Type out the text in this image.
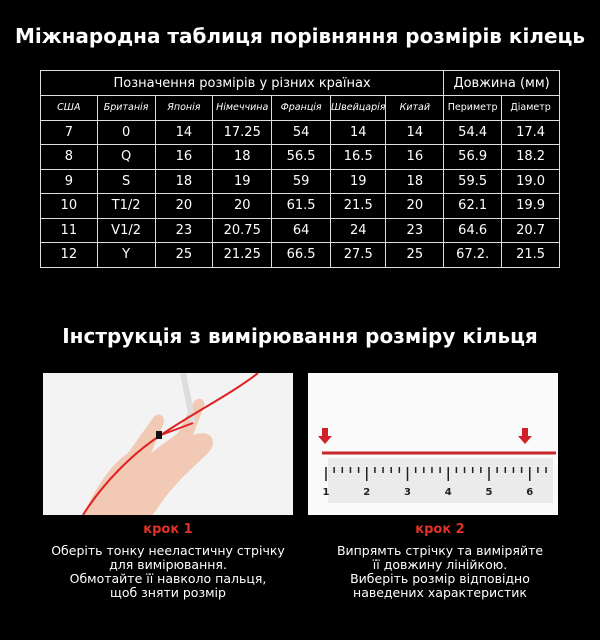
Міжнародна таблиця порівняння розмірів кілець
Позначення розмірів у різних країнах							Довжина (мм)	
США	Британія	Японія	Німеччина	Франція	Швейцарія	Китай	Периметр	Діаметр
7	0	14	17.25	54	14	14	54.4	17.4
8	Q	16	18	56.5	16.5	16	56.9	18.2
9	S	18	19	59	19	18	59.5	19.0
10	T1/2	20	20	61.5	21.5	20	62.1	19.9
11	V1/2	23	20.75	64	24	23	64.6	20.7
12	Y	25	21.25	66.5	27.5	25	67.2.	21.5
Інструкція з вимірювання розміру кільця
1	2	3	4	5	6
крок 1
Оберіть тонку нееластичну стрічку
для вимірювання.
Обмотайте її навколо пальця,
щоб зняти розмір
крок 2
Випрямть стрічку та виміряйте
її довжину лінійкою.
Виберіть розмір відповідно
наведених характеристик
